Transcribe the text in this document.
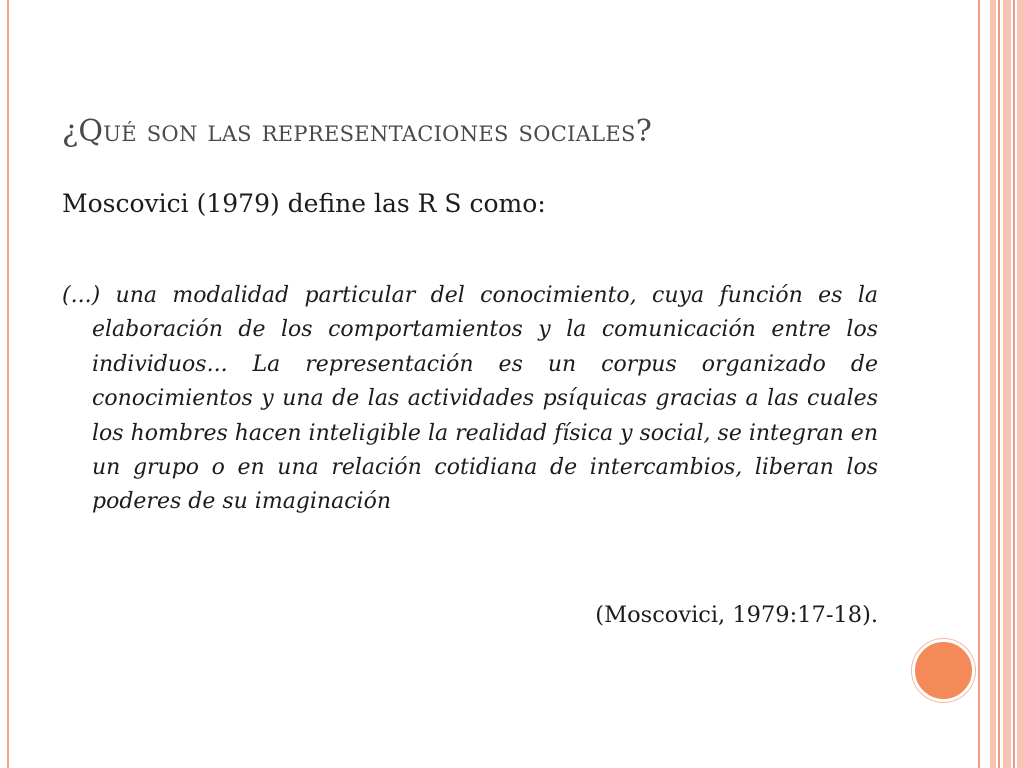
¿Qué son las representaciones sociales?

Moscovici (1979) define las R S como:

(...) una modalidad particular del conocimiento, cuya función es la elaboración de los comportamientos y la comunicación entre los individuos... La representación es un corpus organizado de conocimientos y una de las actividades psíquicas gracias a las cuales los hombres hacen inteligible la realidad física y social, se integran en un grupo o en una relación cotidiana de intercambios, liberan los poderes de su imaginación

(Moscovici, 1979:17-18).
